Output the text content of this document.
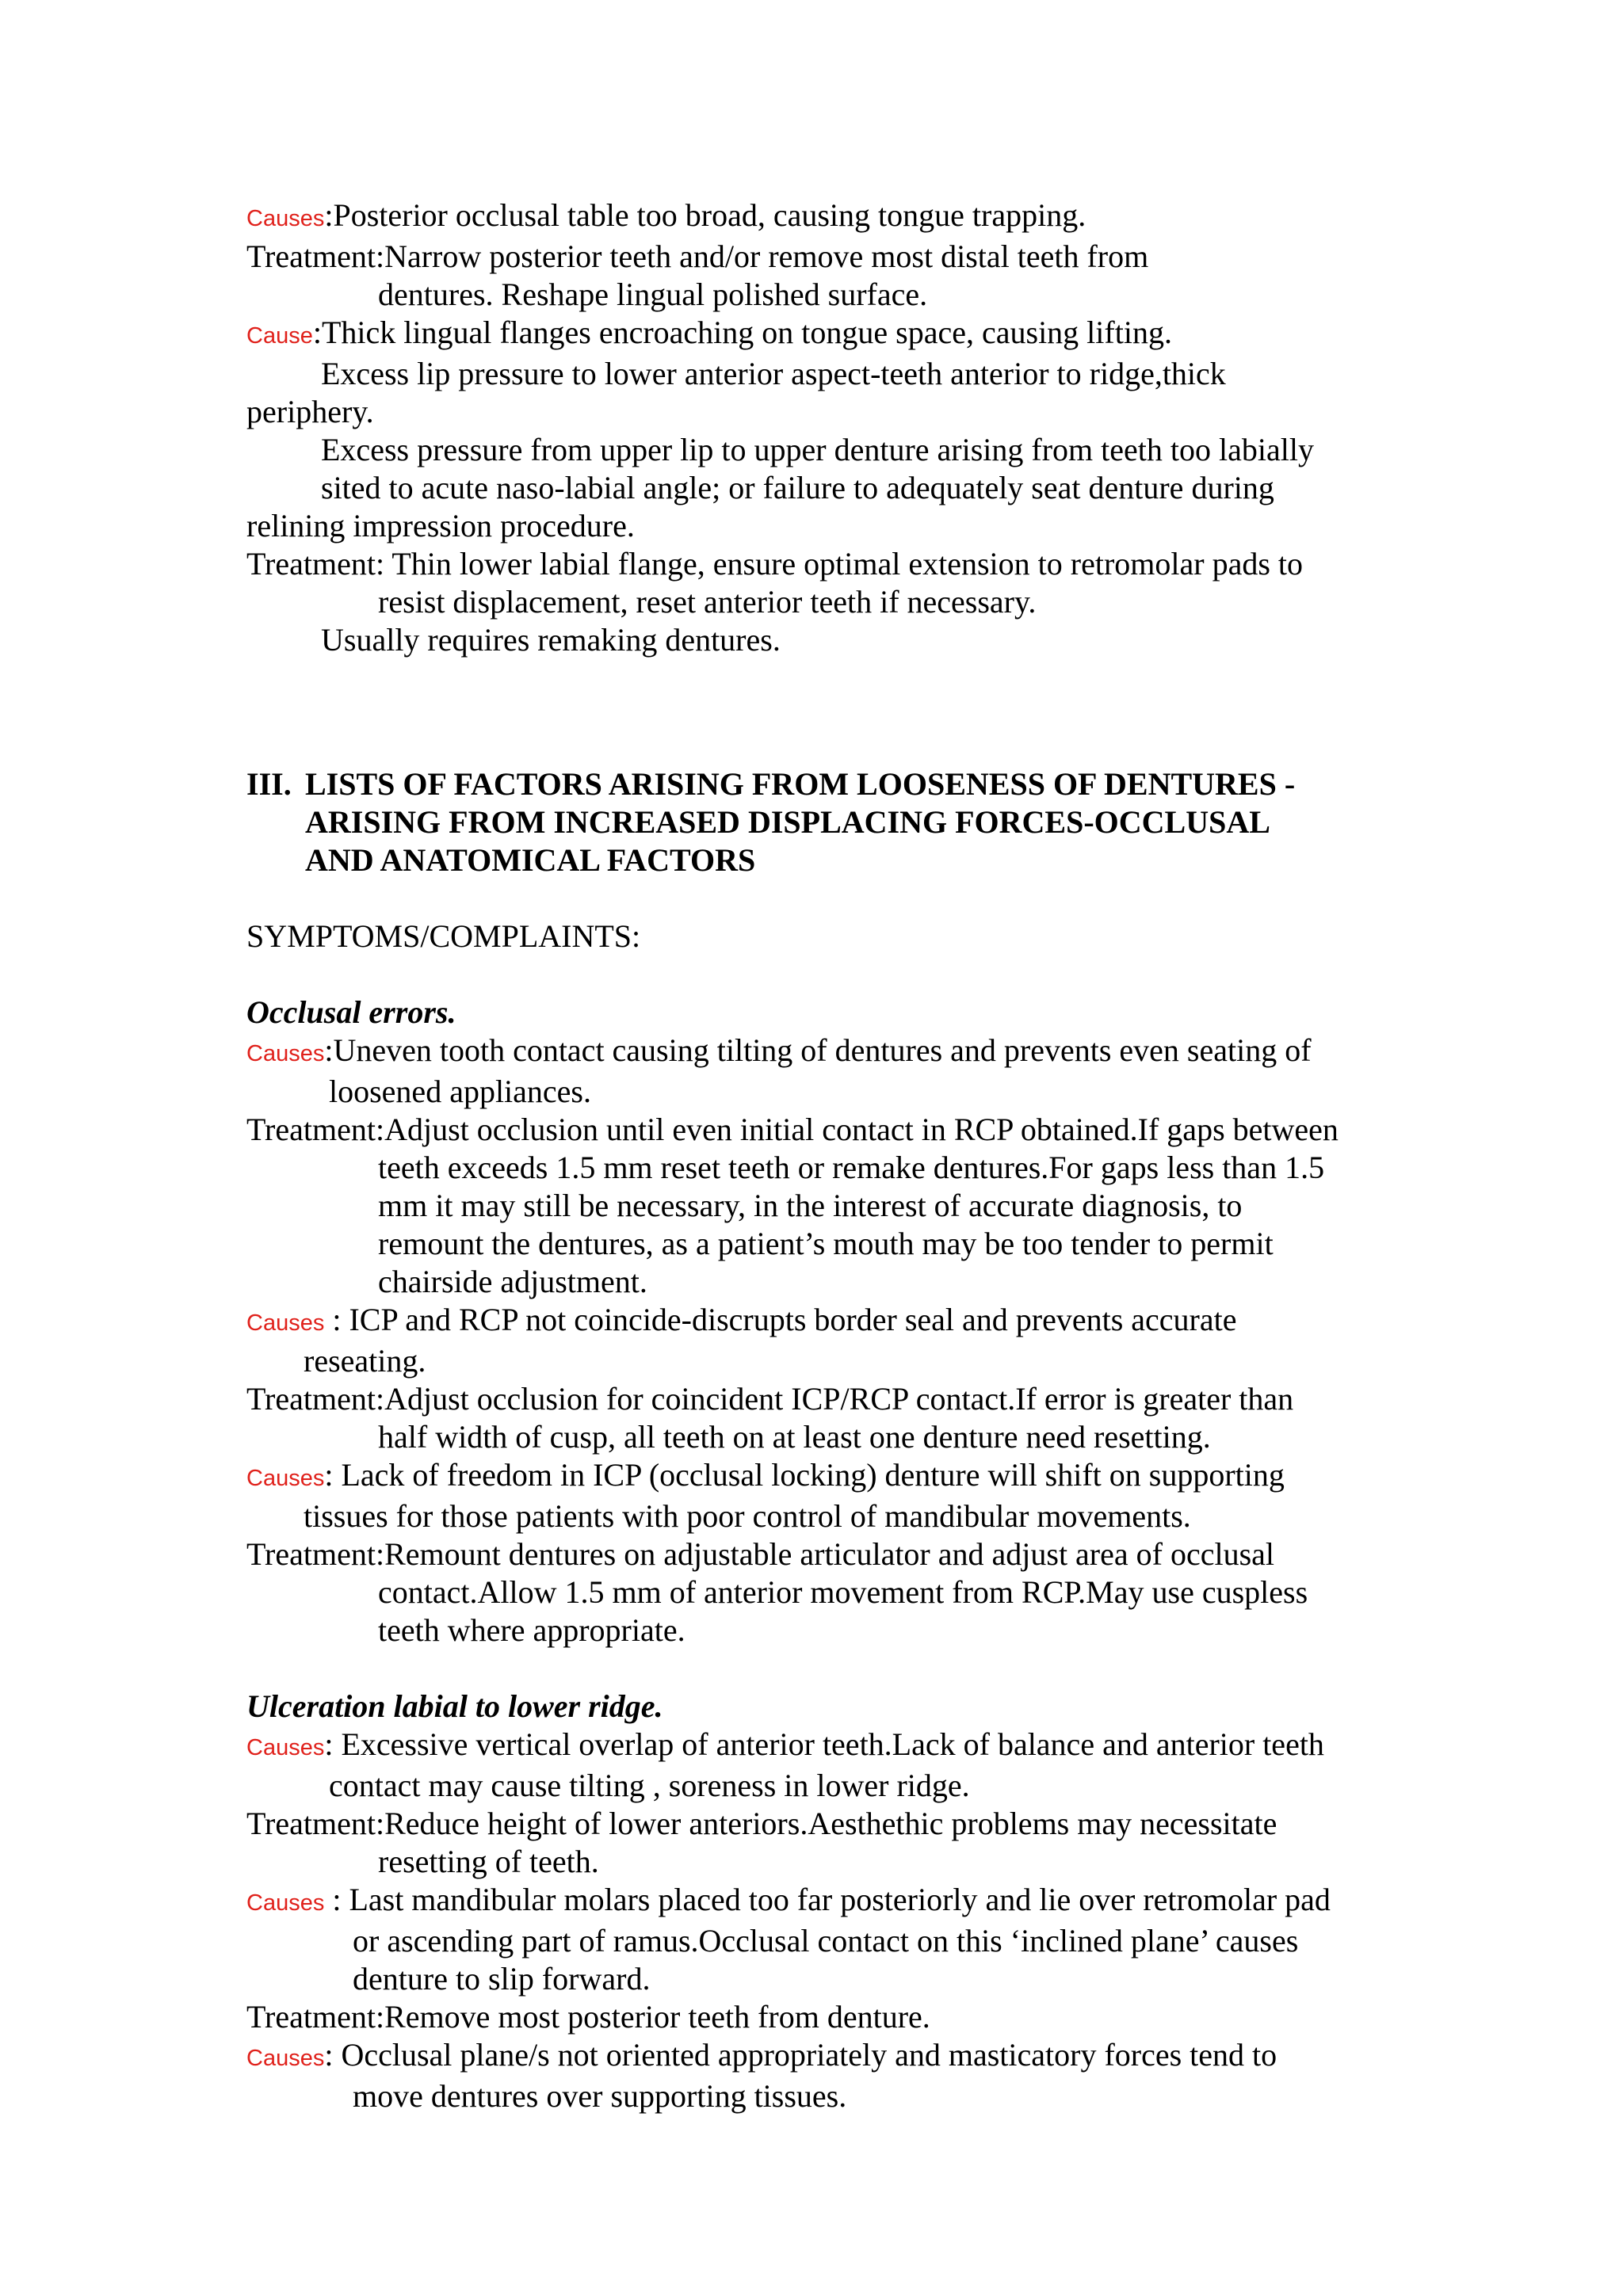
Causes:Posterior occlusal table too broad, causing tongue trapping.
Treatment:Narrow posterior teeth and/or remove most distal teeth from
dentures. Reshape lingual polished surface.
Cause:Thick lingual flanges encroaching on tongue space, causing lifting.
Excess lip pressure to lower anterior aspect-teeth anterior to ridge,thick
periphery.
Excess pressure from upper lip to upper denture arising from teeth too labially
sited to acute naso-labial angle; or failure to adequately seat denture during
relining impression procedure.
Treatment: Thin lower labial flange, ensure optimal extension to retromolar pads to
resist displacement, reset anterior teeth if necessary.
Usually requires remaking dentures.
III. LISTS OF FACTORS ARISING FROM LOOSENESS OF DENTURES -
ARISING FROM INCREASED DISPLACING FORCES-OCCLUSAL
AND ANATOMICAL FACTORS
SYMPTOMS/COMPLAINTS:
Occlusal errors.
Causes:Uneven tooth contact causing tilting of dentures and prevents even seating of
loosened appliances.
Treatment:Adjust occlusion until even initial contact in RCP obtained.If gaps between
teeth exceeds 1.5 mm reset teeth or remake dentures.For gaps less than 1.5
mm it may still be necessary, in the interest of accurate diagnosis, to
remount the dentures, as a patient’s mouth may be too tender to permit
chairside adjustment.
Causes : ICP and RCP not coincide-discrupts border seal and prevents accurate
reseating.
Treatment:Adjust occlusion for coincident ICP/RCP contact.If error is greater than
half width of cusp, all teeth on at least one denture need resetting.
Causes: Lack of freedom in ICP (occlusal locking) denture will shift on supporting
tissues for those patients with poor control of mandibular movements.
Treatment:Remount dentures on adjustable articulator and adjust area of occlusal
contact.Allow 1.5 mm of anterior movement from RCP.May use cuspless
teeth where appropriate.
Ulceration labial to lower ridge.
Causes: Excessive vertical overlap of anterior teeth.Lack of balance and anterior teeth
contact may cause tilting , soreness in lower ridge.
Treatment:Reduce height of lower anteriors.Aesthethic problems may necessitate
resetting of teeth.
Causes : Last mandibular molars placed too far posteriorly and lie over retromolar pad
or ascending part of ramus.Occlusal contact on this ‘inclined plane’ causes
denture to slip forward.
Treatment:Remove most posterior teeth from denture.
Causes: Occlusal plane/s not oriented appropriately and masticatory forces tend to
move dentures over supporting tissues.
